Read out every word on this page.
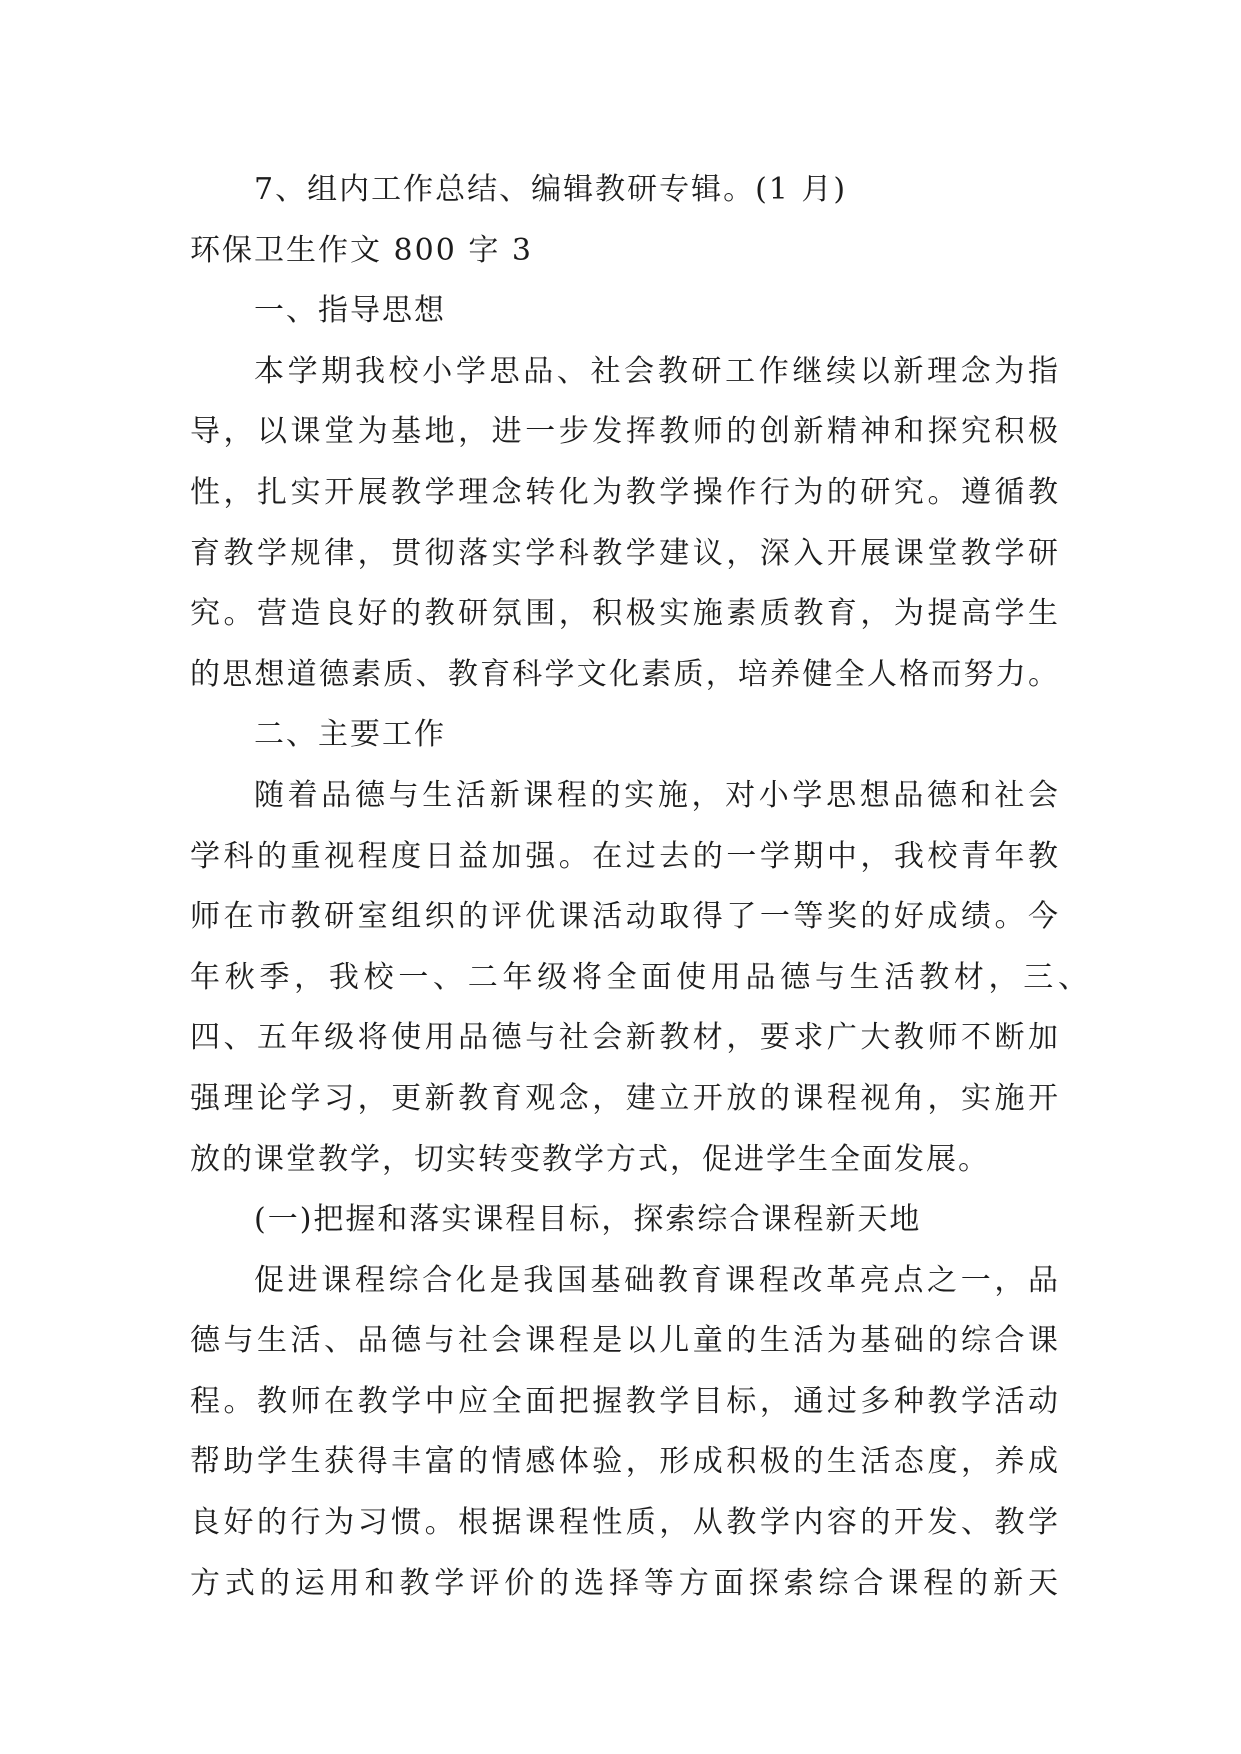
7、组内工作总结、编辑教研专辑。(1 月)
环保卫生作文 800 字 3
一、指导思想
本学期我校小学思品、社会教研工作继续以新理念为指
导，以课堂为基地，进一步发挥教师的创新精神和探究积极
性，扎实开展教学理念转化为教学操作行为的研究。遵循教
育教学规律，贯彻落实学科教学建议，深入开展课堂教学研
究。营造良好的教研氛围，积极实施素质教育，为提高学生
的思想道德素质、教育科学文化素质，培养健全人格而努力。
二、主要工作
随着品德与生活新课程的实施，对小学思想品德和社会
学科的重视程度日益加强。在过去的一学期中，我校青年教
师在市教研室组织的评优课活动取得了一等奖的好成绩。今
年秋季，我校一、二年级将全面使用品德与生活教材，三、
四、五年级将使用品德与社会新教材，要求广大教师不断加
强理论学习，更新教育观念，建立开放的课程视角，实施开
放的课堂教学，切实转变教学方式，促进学生全面发展。
(一)把握和落实课程目标，探索综合课程新天地
促进课程综合化是我国基础教育课程改革亮点之一，品
德与生活、品德与社会课程是以儿童的生活为基础的综合课
程。教师在教学中应全面把握教学目标，通过多种教学活动
帮助学生获得丰富的情感体验，形成积极的生活态度，养成
良好的行为习惯。根据课程性质，从教学内容的开发、教学
方式的运用和教学评价的选择等方面探索综合课程的新天
